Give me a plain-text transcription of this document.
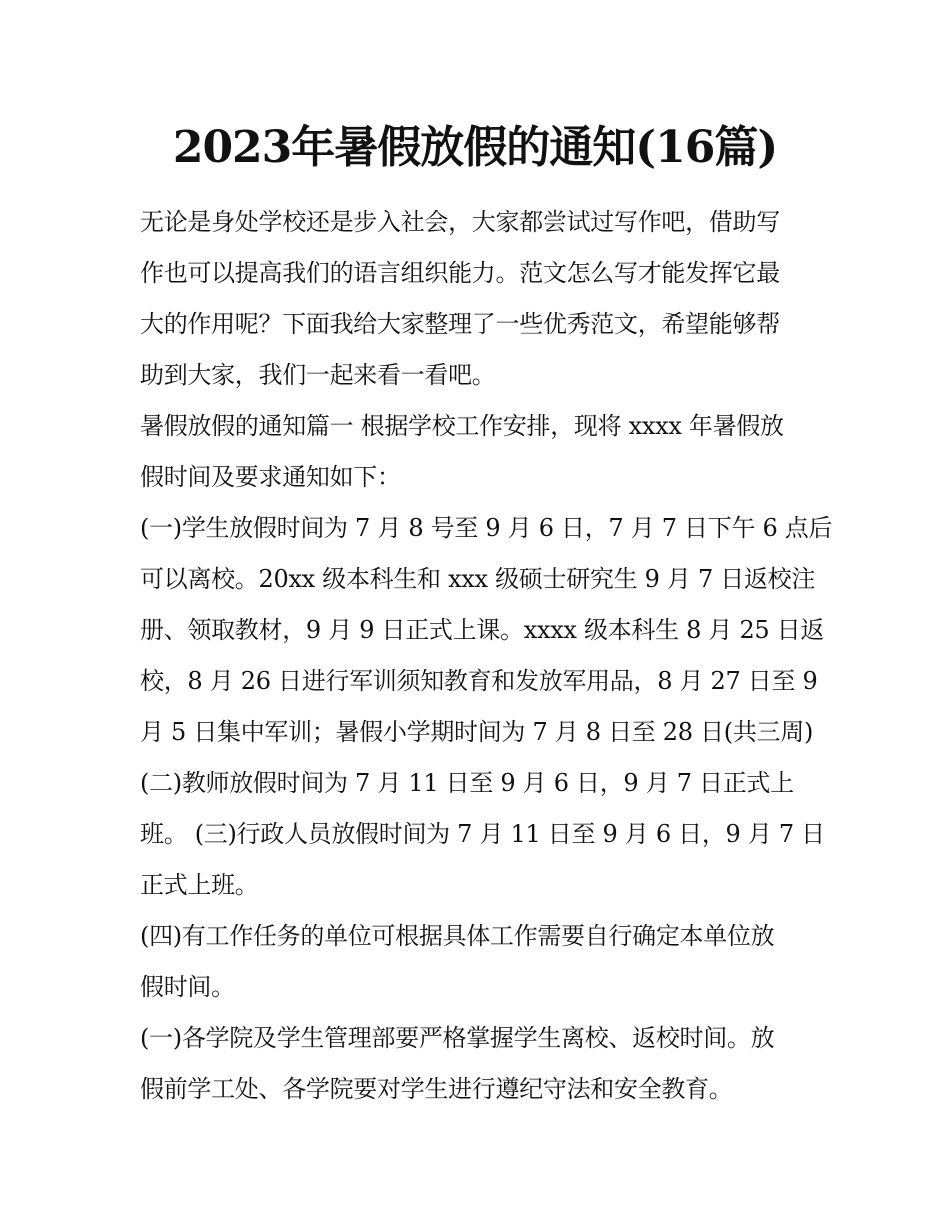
2023年暑假放假的通知(16篇)
无论是身处学校还是步入社会，大家都尝试过写作吧，借助写
作也可以提高我们的语言组织能力。范文怎么写才能发挥它最
大的作用呢？下面我给大家整理了一些优秀范文，希望能够帮
助到大家，我们一起来看一看吧。
暑假放假的通知篇一 根据学校工作安排，现将 xxxx 年暑假放
假时间及要求通知如下：
(一)学生放假时间为 7 月 8 号至 9 月 6 日，7 月 7 日下午 6 点后
可以离校。20xx 级本科生和 xxx 级硕士研究生 9 月 7 日返校注
册、领取教材，9 月 9 日正式上课。xxxx 级本科生 8 月 25 日返
校，8 月 26 日进行军训须知教育和发放军用品，8 月 27 日至 9
月 5 日集中军训；暑假小学期时间为 7 月 8 日至 28 日(共三周)
(二)教师放假时间为 7 月 11 日至 9 月 6 日，9 月 7 日正式上
班。 (三)行政人员放假时间为 7 月 11 日至 9 月 6 日，9 月 7 日
正式上班。
(四)有工作任务的单位可根据具体工作需要自行确定本单位放
假时间。
(一)各学院及学生管理部要严格掌握学生离校、返校时间。放
假前学工处、各学院要对学生进行遵纪守法和安全教育。
